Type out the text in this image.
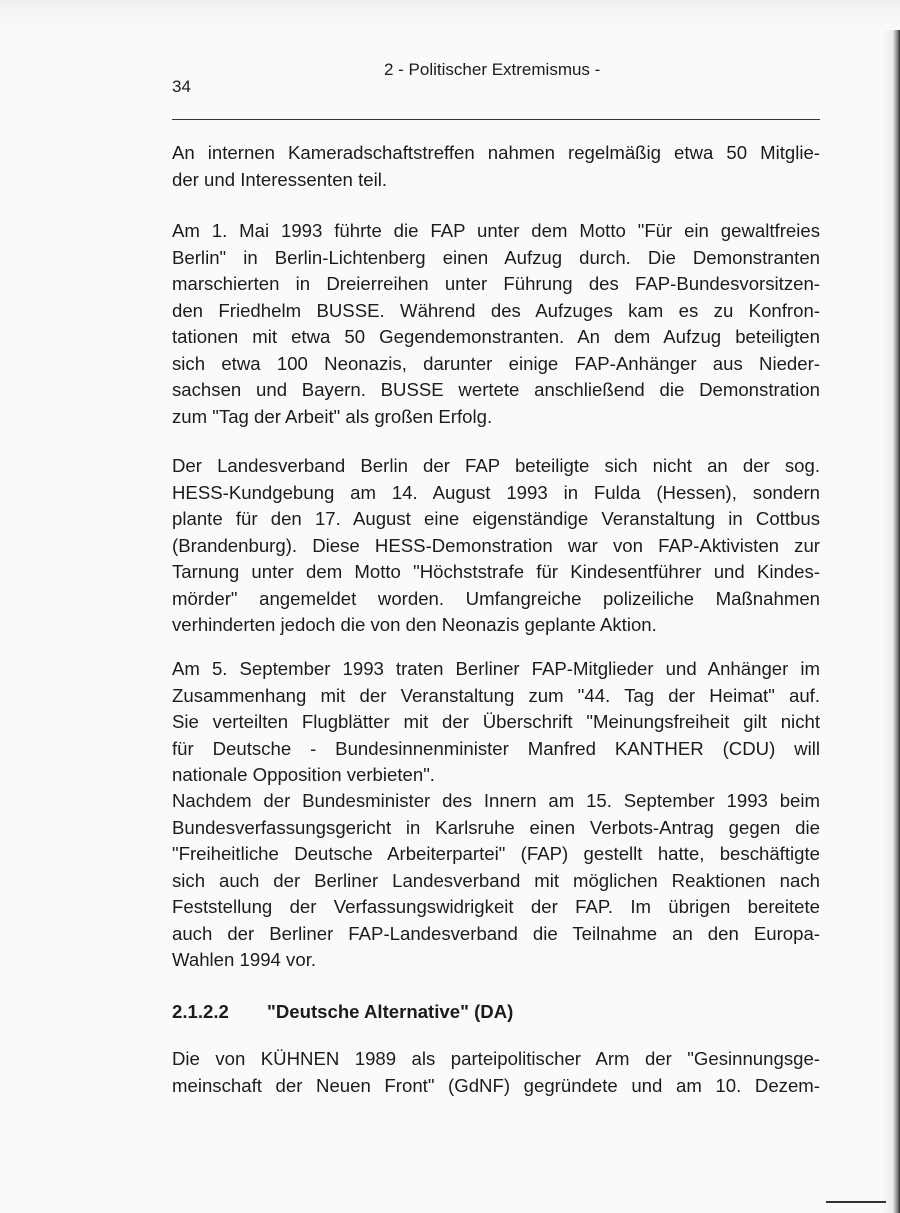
34
2 - Politischer Extremismus -
An internen Kameradschaftstreffen nahmen regelmäßig etwa 50 Mitglie-
der und Interessenten teil.
Am 1. Mai 1993 führte die FAP unter dem Motto "Für ein gewaltfreies
Berlin" in Berlin-Lichtenberg einen Aufzug durch. Die Demonstranten
marschierten in Dreierreihen unter Führung des FAP-Bundesvorsitzen-
den Friedhelm BUSSE. Während des Aufzuges kam es zu Konfron-
tationen mit etwa 50 Gegendemonstranten. An dem Aufzug beteiligten
sich etwa 100 Neonazis, darunter einige FAP-Anhänger aus Nieder-
sachsen und Bayern. BUSSE wertete anschließend die Demonstration
zum "Tag der Arbeit" als großen Erfolg.
Der Landesverband Berlin der FAP beteiligte sich nicht an der sog.
HESS-Kundgebung am 14. August 1993 in Fulda (Hessen), sondern
plante für den 17. August eine eigenständige Veranstaltung in Cottbus
(Brandenburg). Diese HESS-Demonstration war von FAP-Aktivisten zur
Tarnung unter dem Motto "Höchststrafe für Kindesentführer und Kindes-
mörder" angemeldet worden. Umfangreiche polizeiliche Maßnahmen
verhinderten jedoch die von den Neonazis geplante Aktion.
Am 5. September 1993 traten Berliner FAP-Mitglieder und Anhänger im
Zusammenhang mit der Veranstaltung zum "44. Tag der Heimat" auf.
Sie verteilten Flugblätter mit der Überschrift "Meinungsfreiheit gilt nicht
für Deutsche - Bundesinnenminister Manfred KANTHER (CDU) will
nationale Opposition verbieten".
Nachdem der Bundesminister des Innern am 15. September 1993 beim
Bundesverfassungsgericht in Karlsruhe einen Verbots-Antrag gegen die
"Freiheitliche Deutsche Arbeiterpartei" (FAP) gestellt hatte, beschäftigte
sich auch der Berliner Landesverband mit möglichen Reaktionen nach
Feststellung der Verfassungswidrigkeit der FAP. Im übrigen bereitete
auch der Berliner FAP-Landesverband die Teilnahme an den Europa-
Wahlen 1994 vor.
2.1.2.2 "Deutsche Alternative" (DA)
Die von KÜHNEN 1989 als parteipolitischer Arm der "Gesinnungsge-
meinschaft der Neuen Front" (GdNF) gegründete und am 10. Dezem-
